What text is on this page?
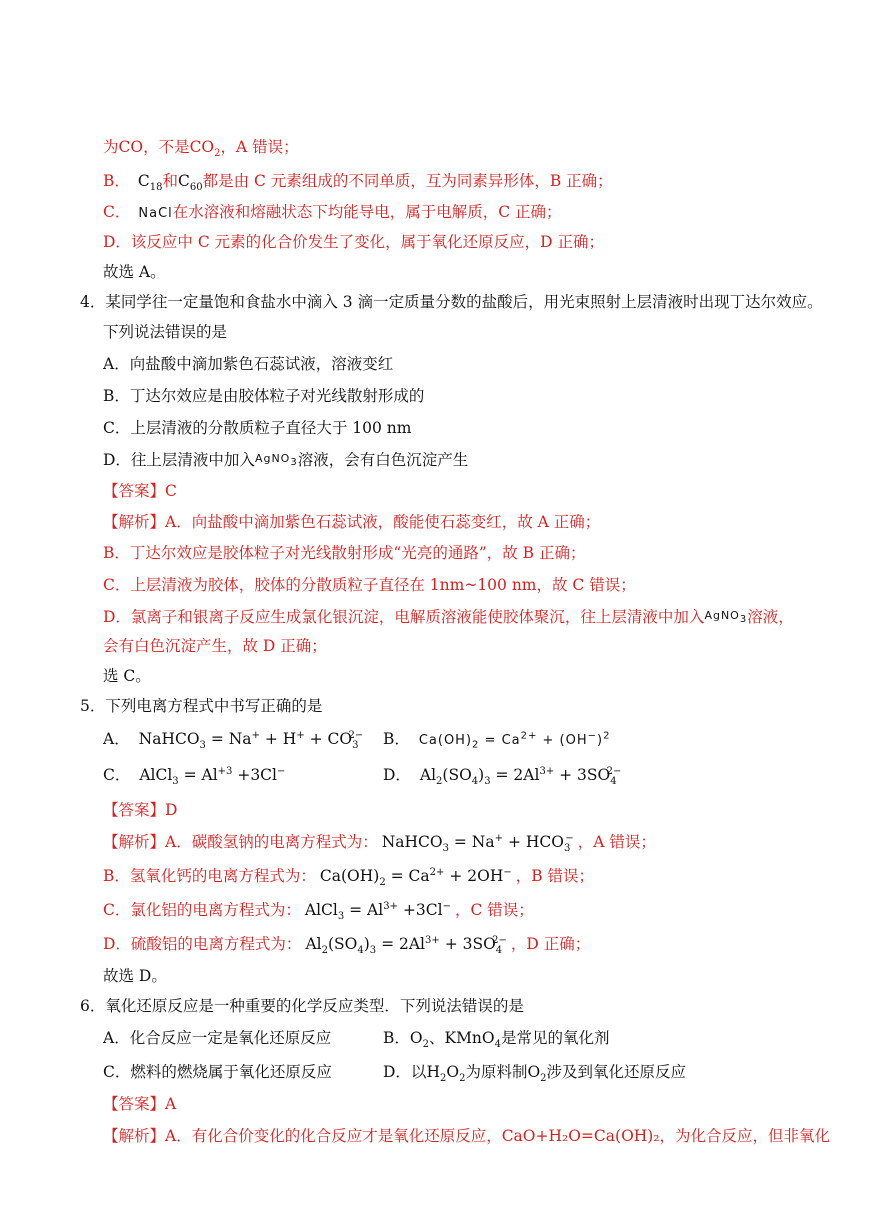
为CO，不是$CO_2$，A 错误；
B． $C_{18}$和$C_{60}$都是由 C 元素组成的不同单质，互为同素异形体，B 正确；
C． NaCl在水溶液和熔融状态下均能导电，属于电解质，C 正确；
D．该反应中 C 元素的化合价发生了变化，属于氧化还原反应，D 正确；
故选 A。
4．某同学往一定量饱和食盐水中滴入 3 滴一定质量分数的盐酸后，用光束照射上层清液时出现丁达尔效应。
下列说法错误的是
A．向盐酸中滴加紫色石蕊试液，溶液变红
B．丁达尔效应是由胶体粒子对光线散射形成的
C．上层清液的分散质粒子直径大于 100 nm
D．往上层清液中加入AgNO$_3$溶液，会有白色沉淀产生
【答案】C
【解析】A．向盐酸中滴加紫色石蕊试液，酸能使石蕊变红，故 A 正确；
B．丁达尔效应是胶体粒子对光线散射形成“光亮的通路”，故 B 正确；
C．上层清液为胶体，胶体的分散质粒子直径在 1nm~100 nm，故 C 错误；
D．氯离子和银离子反应生成氯化银沉淀，电解质溶液能使胶体聚沉，往上层清液中加入AgNO$_3$溶液，
会有白色沉淀产生，故 D 正确；
选 C。
5．下列电离方程式中书写正确的是
A． NaHCO$_3$ = $Na^+ + H^+ + CO_3^{2-}$ B． $Ca(OH)_2 = Ca^{2+} + (OH^-)^2$
C． AlCl$_3$ = $Al^{+3} +3Cl^-$	D． $Al_2(SO_4)_3 = 2Al^{3+} + 3SO_4^{2-}$
【答案】D
【解析】A．碳酸氢钠的电离方程式为： NaHCO$_3$ = $Na^+ + HCO_3^-$ ，A 错误；
B．氢氧化钙的电离方程式为： $Ca(OH)_2 = Ca^{2+} + 2OH^-$ ，B 错误；
C．氯化铝的电离方程式为： AlCl$_3$ = $Al^{3+} +3Cl^-$ ，C 错误；
D．硫酸铝的电离方程式为： $Al_2(SO_4)_3 = 2Al^{3+} + 3SO_4^{2-}$ ，D 正确；
故选 D。
6．氧化还原反应是一种重要的化学反应类型．下列说法错误的是
A．化合反应一定是氧化还原反应	B．$O_2$、KMnO$_4$是常见的氧化剂
C．燃料的燃烧属于氧化还原反应	D．以$H_2O_2$为原料制$O_2$涉及到氧化还原反应
【答案】A
【解析】A．有化合价变化的化合反应才是氧化还原反应，CaO+H₂O=Ca(OH)₂，为化合反应，但非氧化
